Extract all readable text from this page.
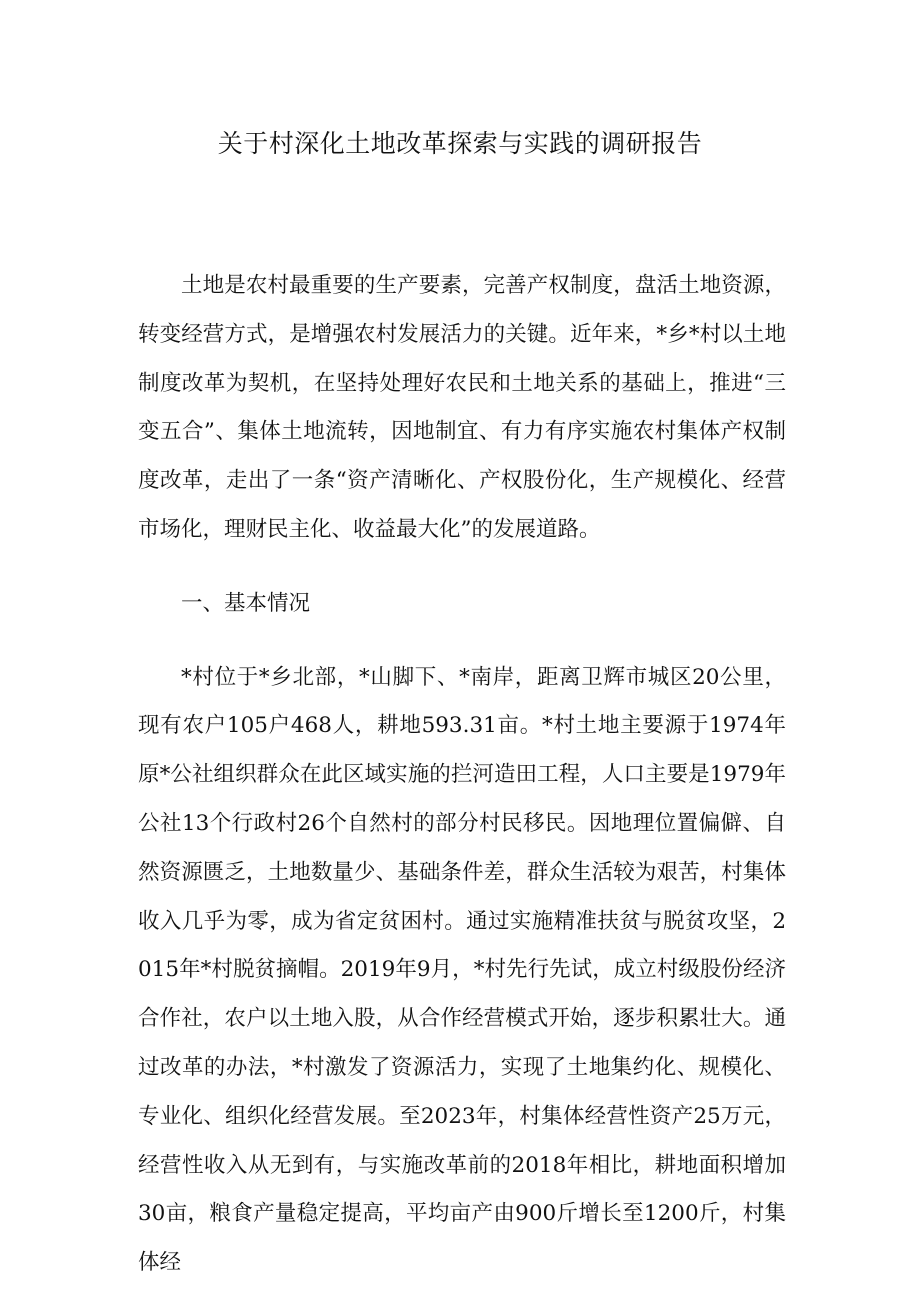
关于村深化土地改革探索与实践的调研报告

土地是农村最重要的生产要素，完善产权制度，盘活土地资源，转变经营方式，是增强农村发展活力的关键。近年来，*乡*村以土地制度改革为契机，在坚持处理好农民和土地关系的基础上，推进“三变五合”、集体土地流转，因地制宜、有力有序实施农村集体产权制度改革，走出了一条“资产清晰化、产权股份化，生产规模化、经营市场化，理财民主化、收益最大化”的发展道路。

一、基本情况

*村位于*乡北部，*山脚下、*南岸，距离卫辉市城区20公里，现有农户105户468人，耕地593.31亩。*村土地主要源于1974年原*公社组织群众在此区域实施的拦河造田工程，人口主要是1979年公社13个行政村26个自然村的部分村民移民。因地理位置偏僻、自然资源匮乏，土地数量少、基础条件差，群众生活较为艰苦，村集体收入几乎为零，成为省定贫困村。通过实施精准扶贫与脱贫攻坚，2015年*村脱贫摘帽。2019年9月，*村先行先试，成立村级股份经济合作社，农户以土地入股，从合作经营模式开始，逐步积累壮大。通过改革的办法，*村激发了资源活力，实现了土地集约化、规模化、专业化、组织化经营发展。至2023年，村集体经营性资产25万元，经营性收入从无到有，与实施改革前的2018年相比，耕地面积增加30亩，粮食产量稳定提高，平均亩产由900斤增长至1200斤，村集体经
